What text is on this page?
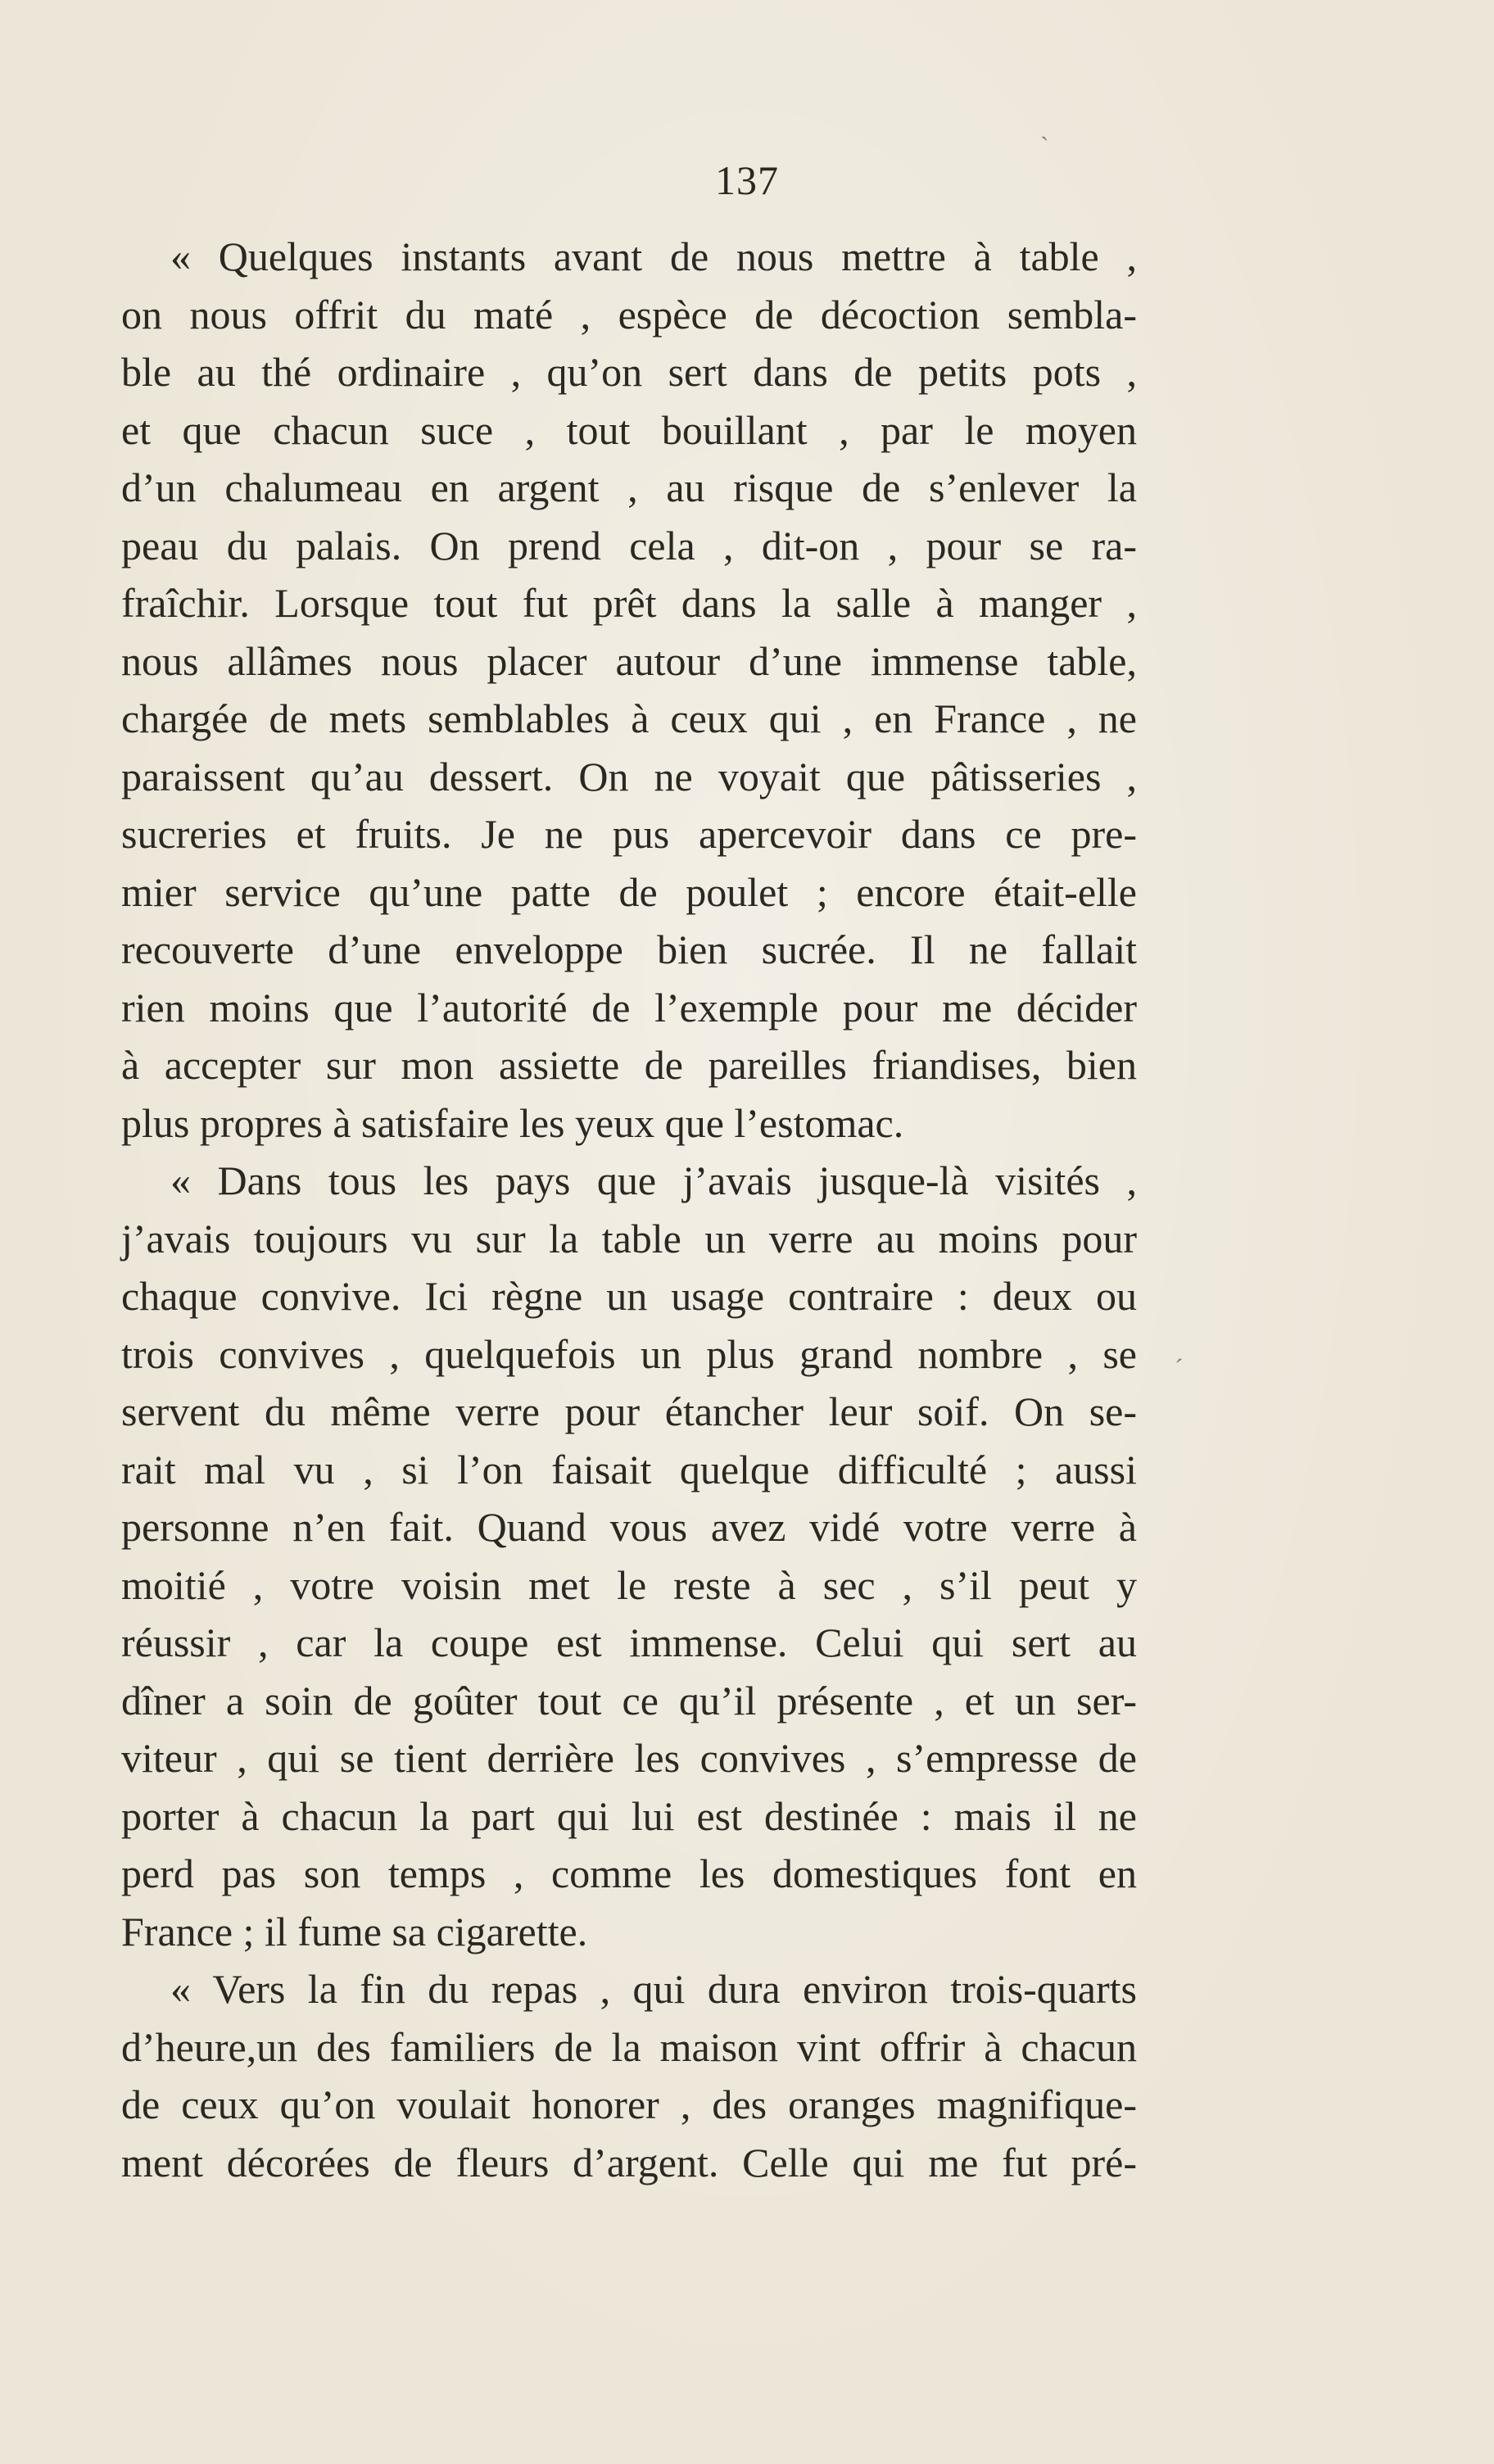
137
ˋ
ˊ
« Quelques instants avant de nous mettre à table ,
on nous offrit du maté , espèce de décoction sembla-
ble au thé ordinaire , qu’on sert dans de petits pots ,
et que chacun suce , tout bouillant , par le moyen
d’un chalumeau en argent , au risque de s’enlever la
peau du palais. On prend cela , dit-on , pour se ra-
fraîchir. Lorsque tout fut prêt dans la salle à manger ,
nous allâmes nous placer autour d’une immense table,
chargée de mets semblables à ceux qui , en France , ne
paraissent qu’au dessert. On ne voyait que pâtisseries ,
sucreries et fruits. Je ne pus apercevoir dans ce pre-
mier service qu’une patte de poulet ; encore était-elle
recouverte d’une enveloppe bien sucrée. Il ne fallait
rien moins que l’autorité de l’exemple pour me décider
à accepter sur mon assiette de pareilles friandises, bien
plus propres à satisfaire les yeux que l’estomac.
« Dans tous les pays que j’avais jusque-là visités ,
j’avais toujours vu sur la table un verre au moins pour
chaque convive. Ici règne un usage contraire : deux ou
trois convives , quelquefois un plus grand nombre , se
servent du même verre pour étancher leur soif. On se-
rait mal vu , si l’on faisait quelque difficulté ; aussi
personne n’en fait. Quand vous avez vidé votre verre à
moitié , votre voisin met le reste à sec , s’il peut y
réussir , car la coupe est immense. Celui qui sert au
dîner a soin de goûter tout ce qu’il présente , et un ser-
viteur , qui se tient derrière les convives , s’empresse de
porter à chacun la part qui lui est destinée : mais il ne
perd pas son temps , comme les domestiques font en
France ; il fume sa cigarette.
« Vers la fin du repas , qui dura environ trois-quarts
d’heure,un des familiers de la maison vint offrir à chacun
de ceux qu’on voulait honorer , des oranges magnifique-
ment décorées de fleurs d’argent. Celle qui me fut pré-
